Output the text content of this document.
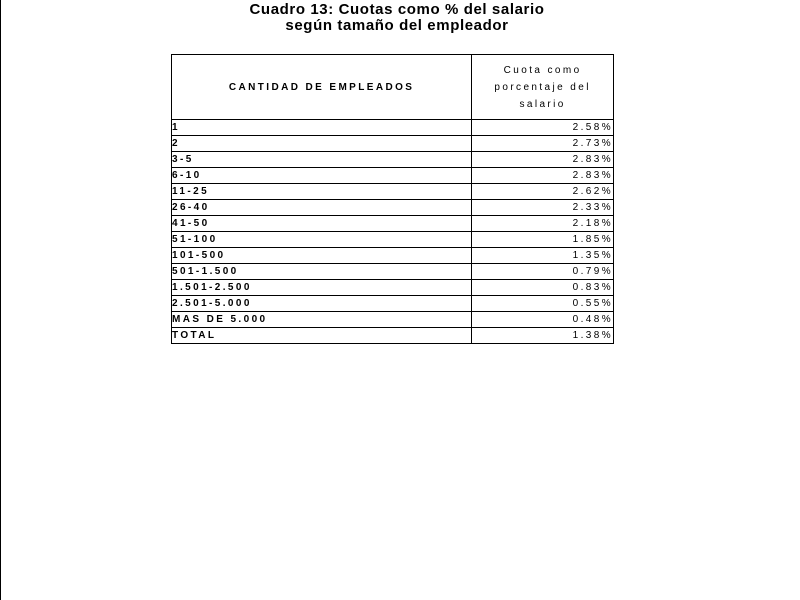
Cuadro 13: Cuotas como % del salario
según tamaño del empleador
CANTIDAD DE EMPLEADOS	Cuota como
porcentaje del
salario

1	2.58%
2	2.73%
3-5	2.83%
6-10	2.83%
11-25	2.62%
26-40	2.33%
41-50	2.18%
51-100	1.85%
101-500	1.35%
501-1.500	0.79%
1.501-2.500	0.83%
2.501-5.000	0.55%
MAS DE 5.000	0.48%
TOTAL	1.38%
